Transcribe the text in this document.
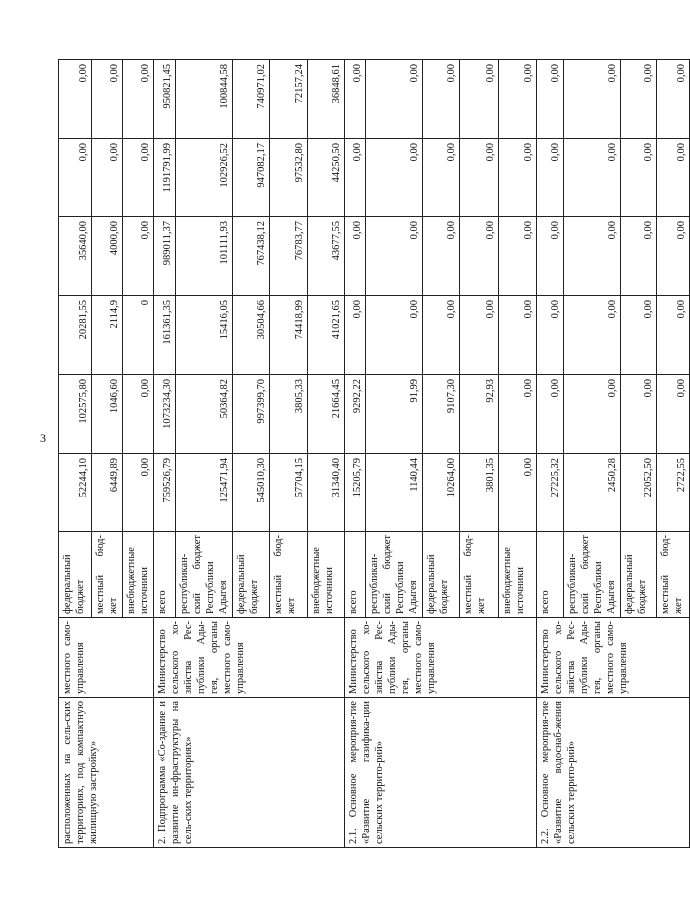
3
расположенных на сель-ских территориях, под компактную жилищную застройку»	местного само-управления	федеральный бюджет	52244,10	102575,80	20281,55	35640,00	0,00	0,00
		местный бюд-жет	6449,89	1046,60	2114,9	4000,00	0,00	0,00
		внебюджетные источники	0,00	0,00	0	0,00	0,00	0,00
2. Подпрограмма «Со-здание и развитие ин-фраструктуры на сель-ских территориях»	Министерство сельского хо-зяйства Рес-публики Ады-гея, органы местного само-управления	всего	759526,79	1073234,30	161361,35	989011,37	1191791,99	950821,45
		республикан-ский бюджет Республики Адыгея	125471,94	50364,82	15416,05	101111,93	102926,52	100844,58
		федеральный бюджет	545010,30	997399,70	30504,66	767438,12	947082,17	740971,02
		местный бюд-жет	57704,15	3805,33	74418,99	76783,77	97532,80	72157,24
		внебюджетные источники	31340,40	21664,45	41021,65	43677,55	44250,50	36848,61
2.1. Основное мероприя-тие «Развитие газифика-ции сельских террито-рий»	Министерство сельского хо-зяйства Рес-публики Ады-гея, органы местного само-управления	всего	15205,79	9292,22	0,00	0,00	0,00	0,00
		республикан-ский бюджет Республики Адыгея	1140,44	91,99	0,00	0,00	0,00	0,00
		федеральный бюджет	10264,00	9107,30	0,00	0,00	0,00	0,00
		местный бюд-жет	3801,35	92,93	0,00	0,00	0,00	0,00
		внебюджетные источники	0,00	0,00	0,00	0,00	0,00	0,00
2.2. Основное мероприя-тие «Развитие водоснаб-жения сельских террито-рий»	Министерство сельского хо-зяйства Рес-публики Ады-гея, органы местного само-управления	всего	27225,32	0,00	0,00	0,00	0,00	0,00
		республикан-ский бюджет Республики Адыгея	2450,28	0,00	0,00	0,00	0,00	0,00
		федеральный бюджет	22052,50	0,00	0,00	0,00	0,00	0,00
		местный бюд-жет	2722,55	0,00	0,00	0,00	0,00	0,00
